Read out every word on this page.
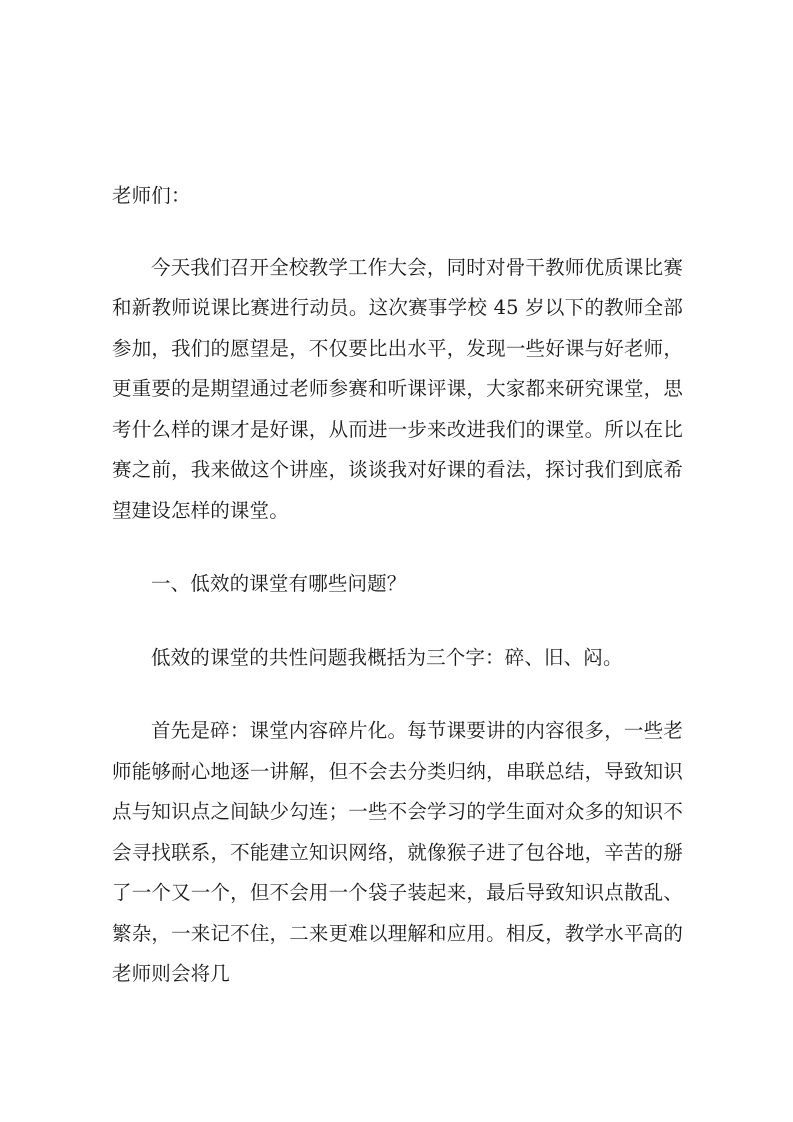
老师们：

今天我们召开全校教学工作大会，同时对骨干教师优质课比赛和新教师说课比赛进行动员。这次赛事学校 45 岁以下的教师全部参加，我们的愿望是，不仅要比出水平，发现一些好课与好老师，更重要的是期望通过老师参赛和听课评课，大家都来研究课堂，思考什么样的课才是好课，从而进一步来改进我们的课堂。所以在比赛之前，我来做这个讲座，谈谈我对好课的看法，探讨我们到底希望建设怎样的课堂。

一、低效的课堂有哪些问题？

低效的课堂的共性问题我概括为三个字：碎、旧、闷。

首先是碎：课堂内容碎片化。每节课要讲的内容很多，一些老师能够耐心地逐一讲解，但不会去分类归纳，串联总结，导致知识点与知识点之间缺少勾连；一些不会学习的学生面对众多的知识不会寻找联系，不能建立知识网络，就像猴子进了包谷地，辛苦的掰了一个又一个，但不会用一个袋子装起来，最后导致知识点散乱、繁杂，一来记不住，二来更难以理解和应用。相反，教学水平高的老师则会将几
